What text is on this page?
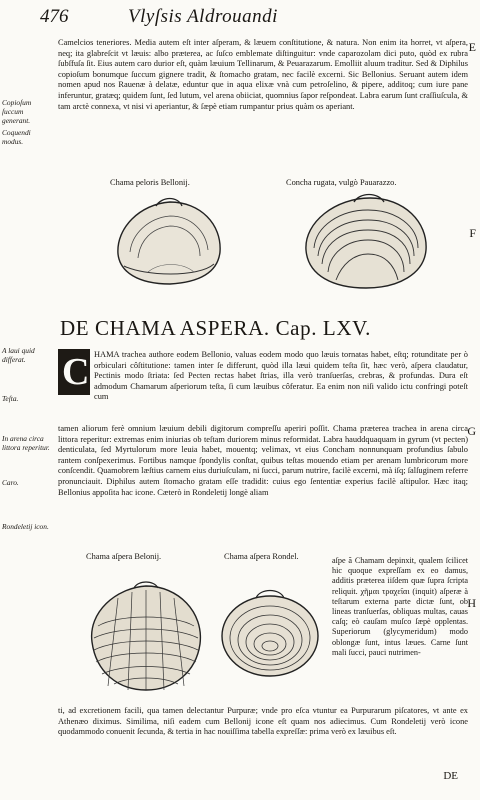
476	Vlyſsis Aldrouandi
E
F
G
H
Copioſum ſuccum generant.
Coquendi modus.
Camelcios teneriores. Media autem eſt inter aſperam, & læuem conſtitutione, & natura. Non enim ita horret, vt aſpera, neq; ita glabreſcit vt læuis: albo præterea, ac ſuſco emblemate diſtinguitur: vnde caparozolam dici puto, quòd ex rubra ſubſfuſa ſit. Eius autem caro durior eſt, quàm læuium Tellinarum, & Peuarazarum. Emolliit aluum traditur. Sed & Diphilus copioſum bonumque ſuccum gignere tradit, & ſtomacho gratam, nec facilè excerni. Sic Bellonius. Seruant autem idem nomen apud nos Rauenæ à delatæ, eduntur que in aqua elixæ vnà cum petroſelino, & pipere, additoq; cum iure pane inferuntur, gratæq; quidem ſunt, ſed lutum, vel arena obiiciat, quomnius ſapor reſpondeat. Labra earum ſunt craſſiuſcula, & tam arctè connexa, vt nisi vi aperiantur, & ſæpè etiam rumpantur prius quàm os aperiant.
Chama peloris Bellonij.	Concha rugata, vulgò Pauarazzo.
DE CHAMA ASPERA. Cap. LXV.
A laui quid differat.
Teſta.
In arena circa littora reperitur.
Caro.
Rondeletij icon.
C HAMA trachea authore eodem Bellonio, valuas eodem modo quo læuis tornatas habet, eſtq; rotunditate per ò orbiculari côſtitutione: tamen inter ſe differunt, quòd illa læui quidem teſta ſit, hæc verò, aſpera claudatur, Pectinis modo ſtriata: ſed Pecten rectas habet ſtrias, illa verò tranſuerſas, crebras, & profundas. Dura eſt admodum Chamarum aſperiorum teſta, ſi cum læuibus côferatur. Ea enim non niſi valido ictu confringi poteſt cum
tamen aliorum ferè omnium læuium debili digitorum compreſſu aperiri poſſit. Chama præterea trachea in arena circa littora reperitur: extremas enim iniurias ob teſtam duriorem minus reformidat. Labra hauddquaquam in gyrum (vt pecten) denticulata, ſed Myrtulorum more leuia habet, mouentq; velimax, vt eius Concham nonnunquam profundius ſabulo rantem conſpexerimus. Fortibus namque ſpondylis conſtat, quibus teſtas mouendo etiam per arenam lumbricorum more conſcendit. Quamobrem læſtius carnem eius duriuſculam, ni ſucci, parum nutrire, facilè excerni, mà iſq; ſalſuginem referre pronunciauit. Diphilus autem ſtomacho gratam eſſe tradidit: cuius ego ſententiæ experius facilè aſtipulor. Hæc itaq; Bellonius appoſita hac icone. Cæterò in Rondeletij longè aliam
Chama aſpera Belonij.	Chama aſpera Rondel.	aſpe ã Chamam depinxit, qualem ſcilicet hic quoque expreſſam ex eo damus, additis præterea iiſdem quæ ſupra ſcripta reliquit. χῆμαι τραχεῖαι (inquit) aſperæ à teſtarum externa parte dictæ ſunt, ob lineas tranſuerſas, obliquas multas, cauas caſq; eò cauſam muſco ſæpè opplentas. Superiorum (glycymeridum) modo oblongæ ſunt, intus læues. Carne ſunt mali ſucci, pauci nutrimen-
ti, ad excretionem facili, qua tamen delectantur Purpuræ; vnde pro eſca vtuntur ea Purpurarum piſcatores, vt ante ex Athenæo diximus. Similima, niſi eadem cum Bellonij icone eſt quam nos adiecimus. Cum Rondeletij verò icone quodammodo conuenit ſecunda, & tertia in hac nouiſſima tabella expreſſæ: prima verò ex læuibus eſt.
DE
